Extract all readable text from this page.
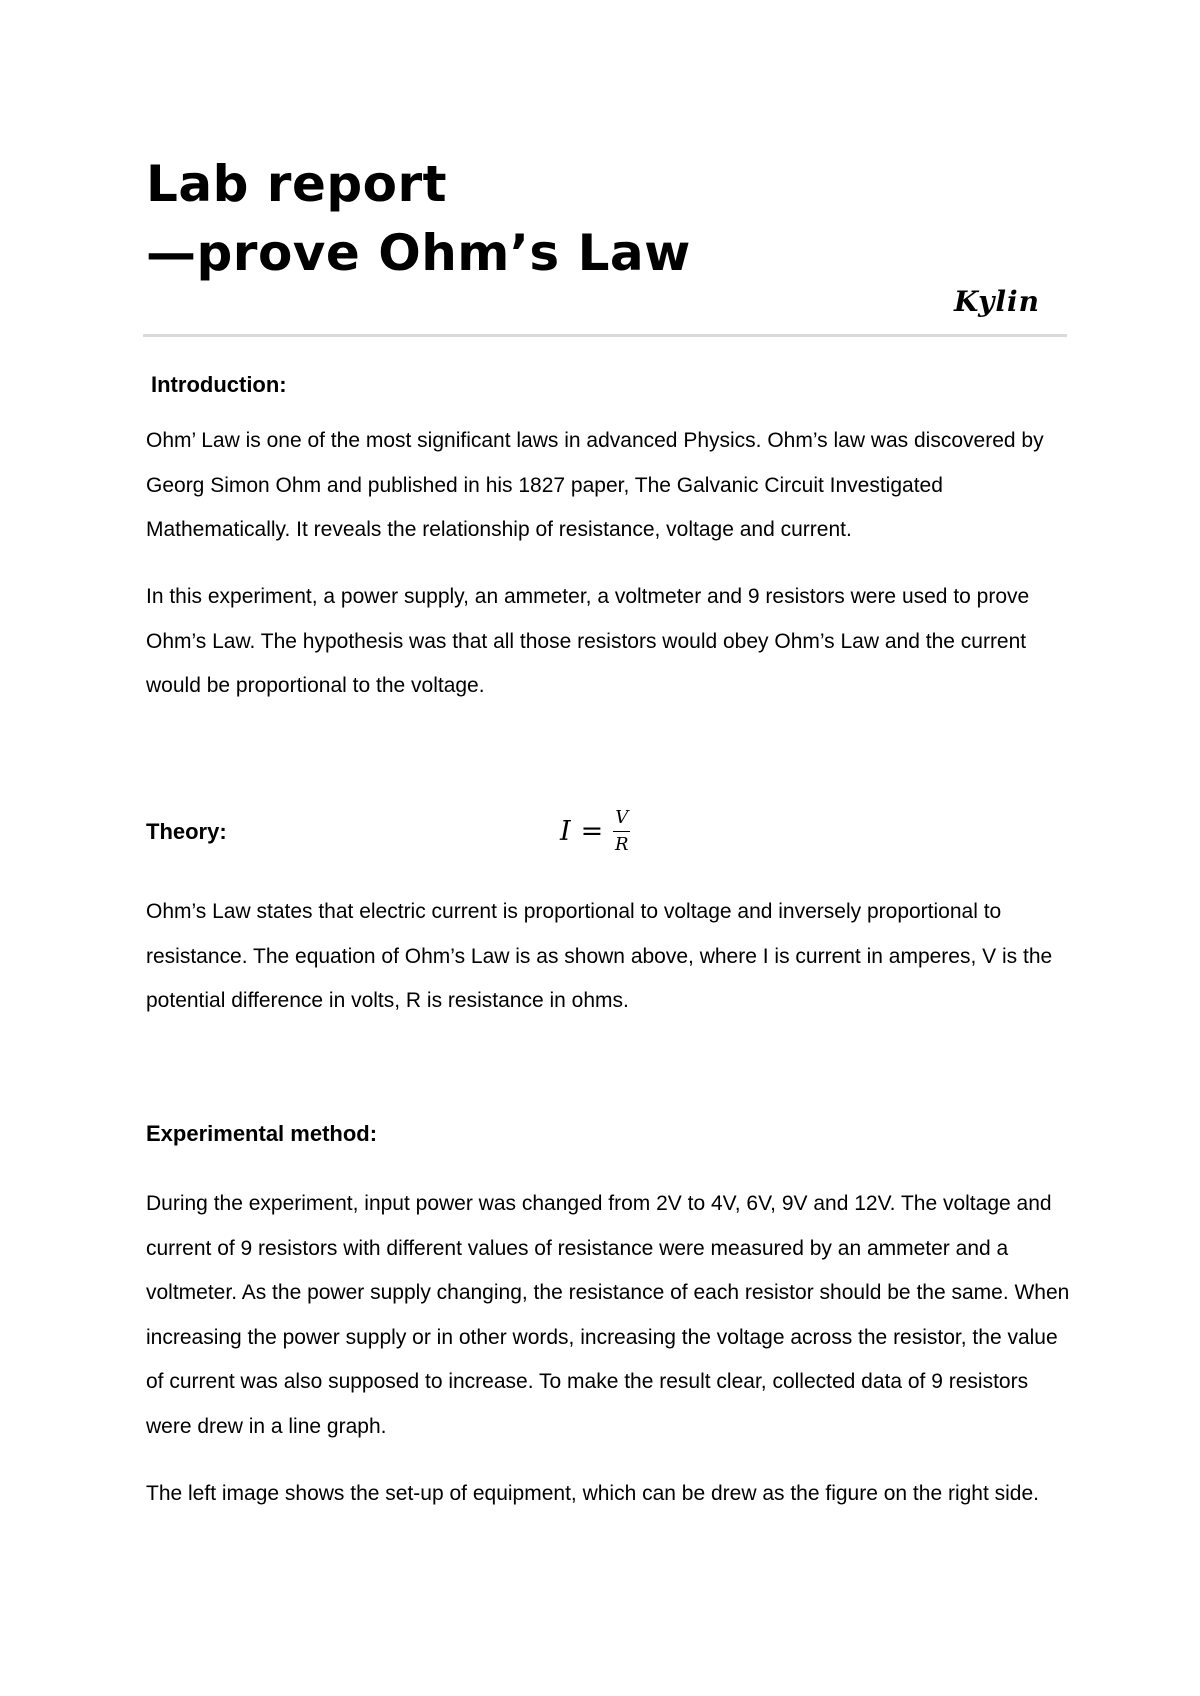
Lab report
—prove Ohm’s Law
Kylin
Introduction:

Ohm’ Law is one of the most significant laws in advanced Physics. Ohm’s law was discovered by Georg Simon Ohm and published in his 1827 paper, The Galvanic Circuit Investigated Mathematically. It reveals the relationship of resistance, voltage and current.

In this experiment, a power supply, an ammeter, a voltmeter and 9 resistors were used to prove Ohm’s Law. The hypothesis was that all those resistors would obey Ohm’s Law and the current would be proportional to the voltage.

Theory:	$I = \frac{V}{R}$

Ohm’s Law states that electric current is proportional to voltage and inversely proportional to resistance. The equation of Ohm’s Law is as shown above, where I is current in amperes, V is the potential difference in volts, R is resistance in ohms.

Experimental method:

During the experiment, input power was changed from 2V to 4V, 6V, 9V and 12V. The voltage and current of 9 resistors with different values of resistance were measured by an ammeter and a voltmeter. As the power supply changing, the resistance of each resistor should be the same. When increasing the power supply or in other words, increasing the voltage across the resistor, the value of current was also supposed to increase. To make the result clear, collected data of 9 resistors were drew in a line graph.

The left image shows the set-up of equipment, which can be drew as the figure on the right side.
